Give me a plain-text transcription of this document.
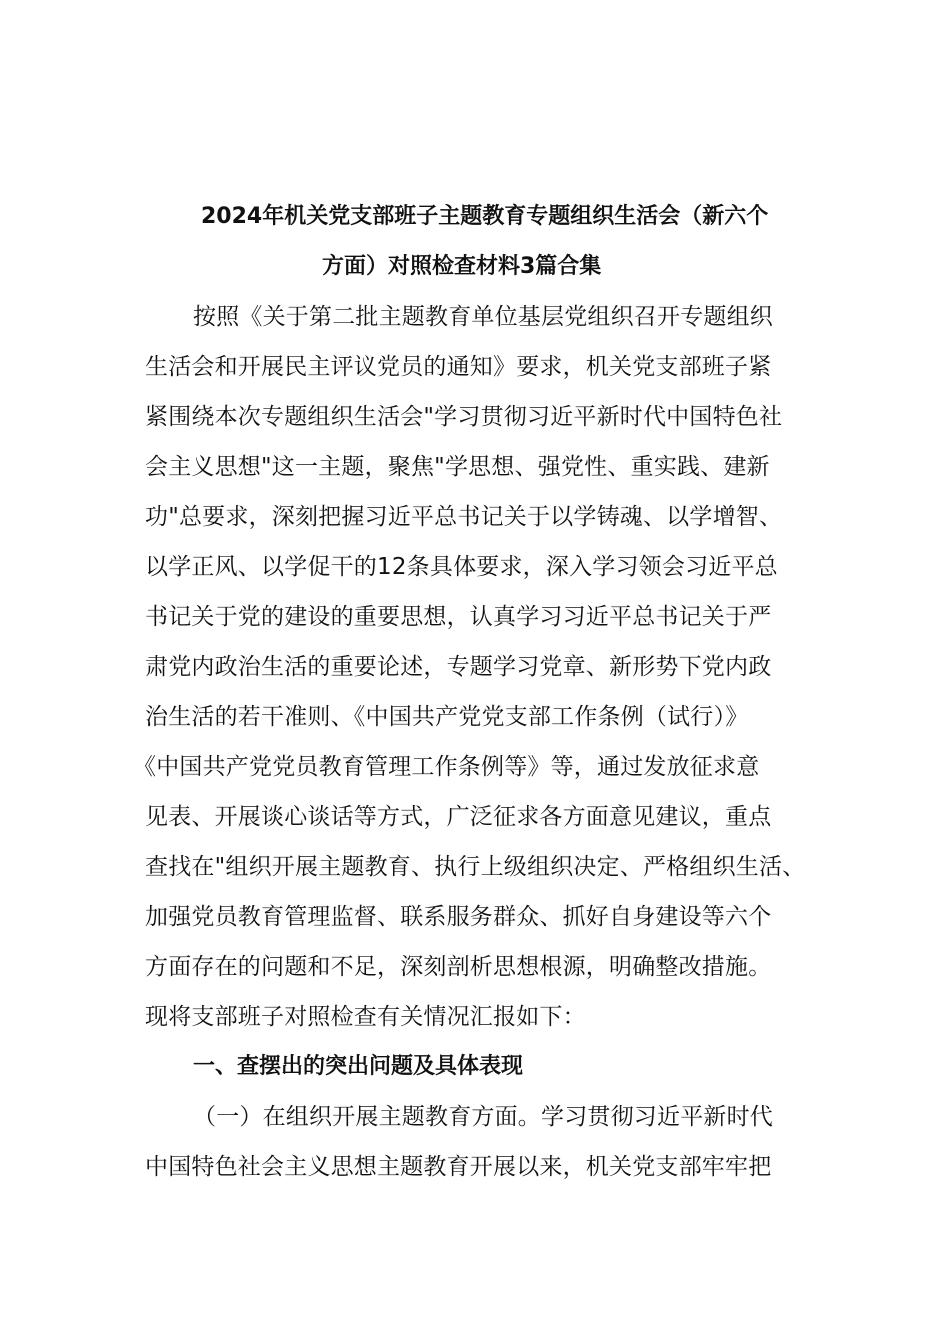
2024年机关党支部班子主题教育专题组织生活会（新六个
方面）对照检查材料3篇合集
按照《关于第二批主题教育单位基层党组织召开专题组织
生活会和开展民主评议党员的通知》要求，机关党支部班子紧
紧围绕本次专题组织生活会"学习贯彻习近平新时代中国特色社
会主义思想"这一主题，聚焦"学思想、强党性、重实践、建新
功"总要求，深刻把握习近平总书记关于以学铸魂、以学增智、
以学正风、以学促干的12条具体要求，深入学习领会习近平总
书记关于党的建设的重要思想，认真学习习近平总书记关于严
肃党内政治生活的重要论述，专题学习党章、新形势下党内政
治生活的若干准则、《中国共产党党支部工作条例（试行）》
《中国共产党党员教育管理工作条例等》等，通过发放征求意
见表、开展谈心谈话等方式，广泛征求各方面意见建议，重点
查找在"组织开展主题教育、执行上级组织决定、严格组织生活、
加强党员教育管理监督、联系服务群众、抓好自身建设等六个
方面存在的问题和不足，深刻剖析思想根源，明确整改措施。
现将支部班子对照检查有关情况汇报如下：
一、查摆出的突出问题及具体表现
（一）在组织开展主题教育方面。学习贯彻习近平新时代
中国特色社会主义思想主题教育开展以来，机关党支部牢牢把
